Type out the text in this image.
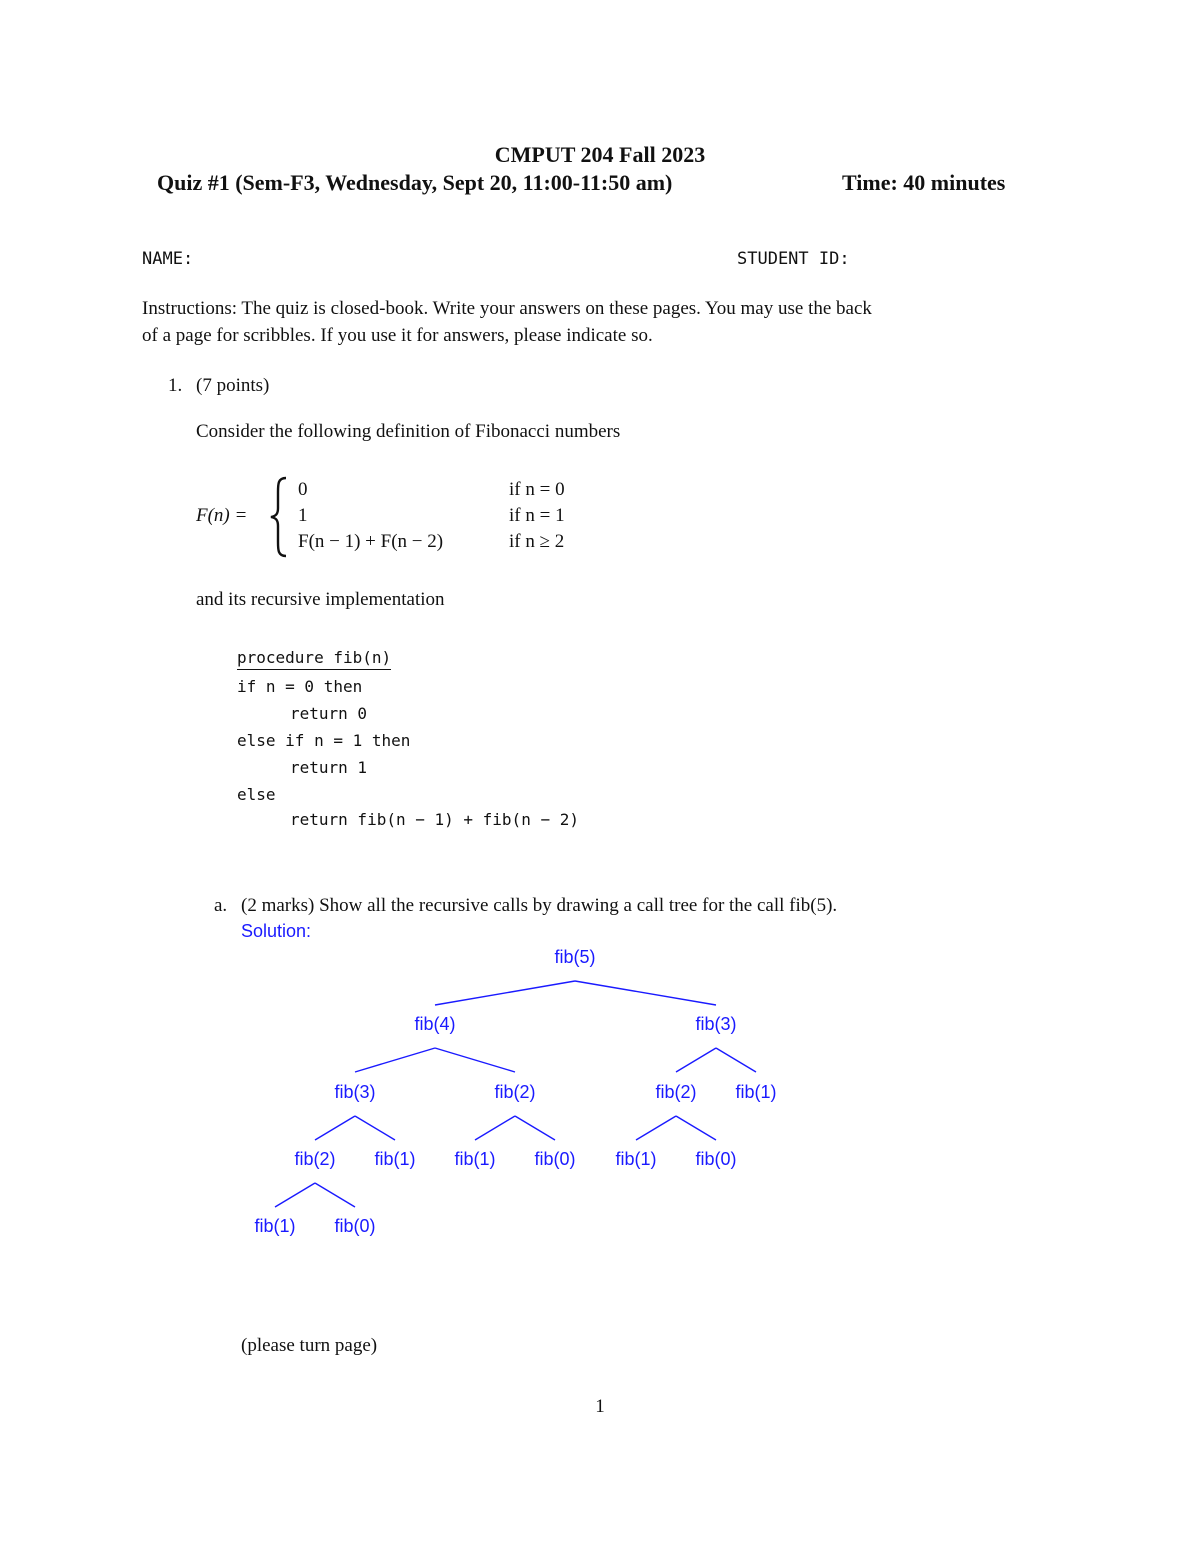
CMPUT 204 Fall 2023
Quiz #1 (Sem-F3, Wednesday, Sept 20, 11:00-11:50 am)	Time: 40 minutes
NAME:	STUDENT ID:
Instructions: The quiz is closed-book. Write your answers on these pages. You may use the back
of a page for scribbles. If you use it for answers, please indicate so.
1. (7 points)
Consider the following definition of Fibonacci numbers
F(n) =
0	if n = 0
1	if n = 1
F(n − 1) + F(n − 2)	if n ≥ 2
and its recursive implementation
procedure fib(n)
if n = 0 then
return 0
else if n = 1 then
return 1
else
return fib(n − 1) + fib(n − 2)
a. (2 marks) Show all the recursive calls by drawing a call tree for the call fib(5).
Solution:
fib(5)
fib(4)	fib(3)
fib(3)	fib(2)	fib(2) fib(1)
fib(2) fib(1) fib(1) fib(0) fib(1) fib(0)
fib(1) fib(0)
(please turn page)
1
